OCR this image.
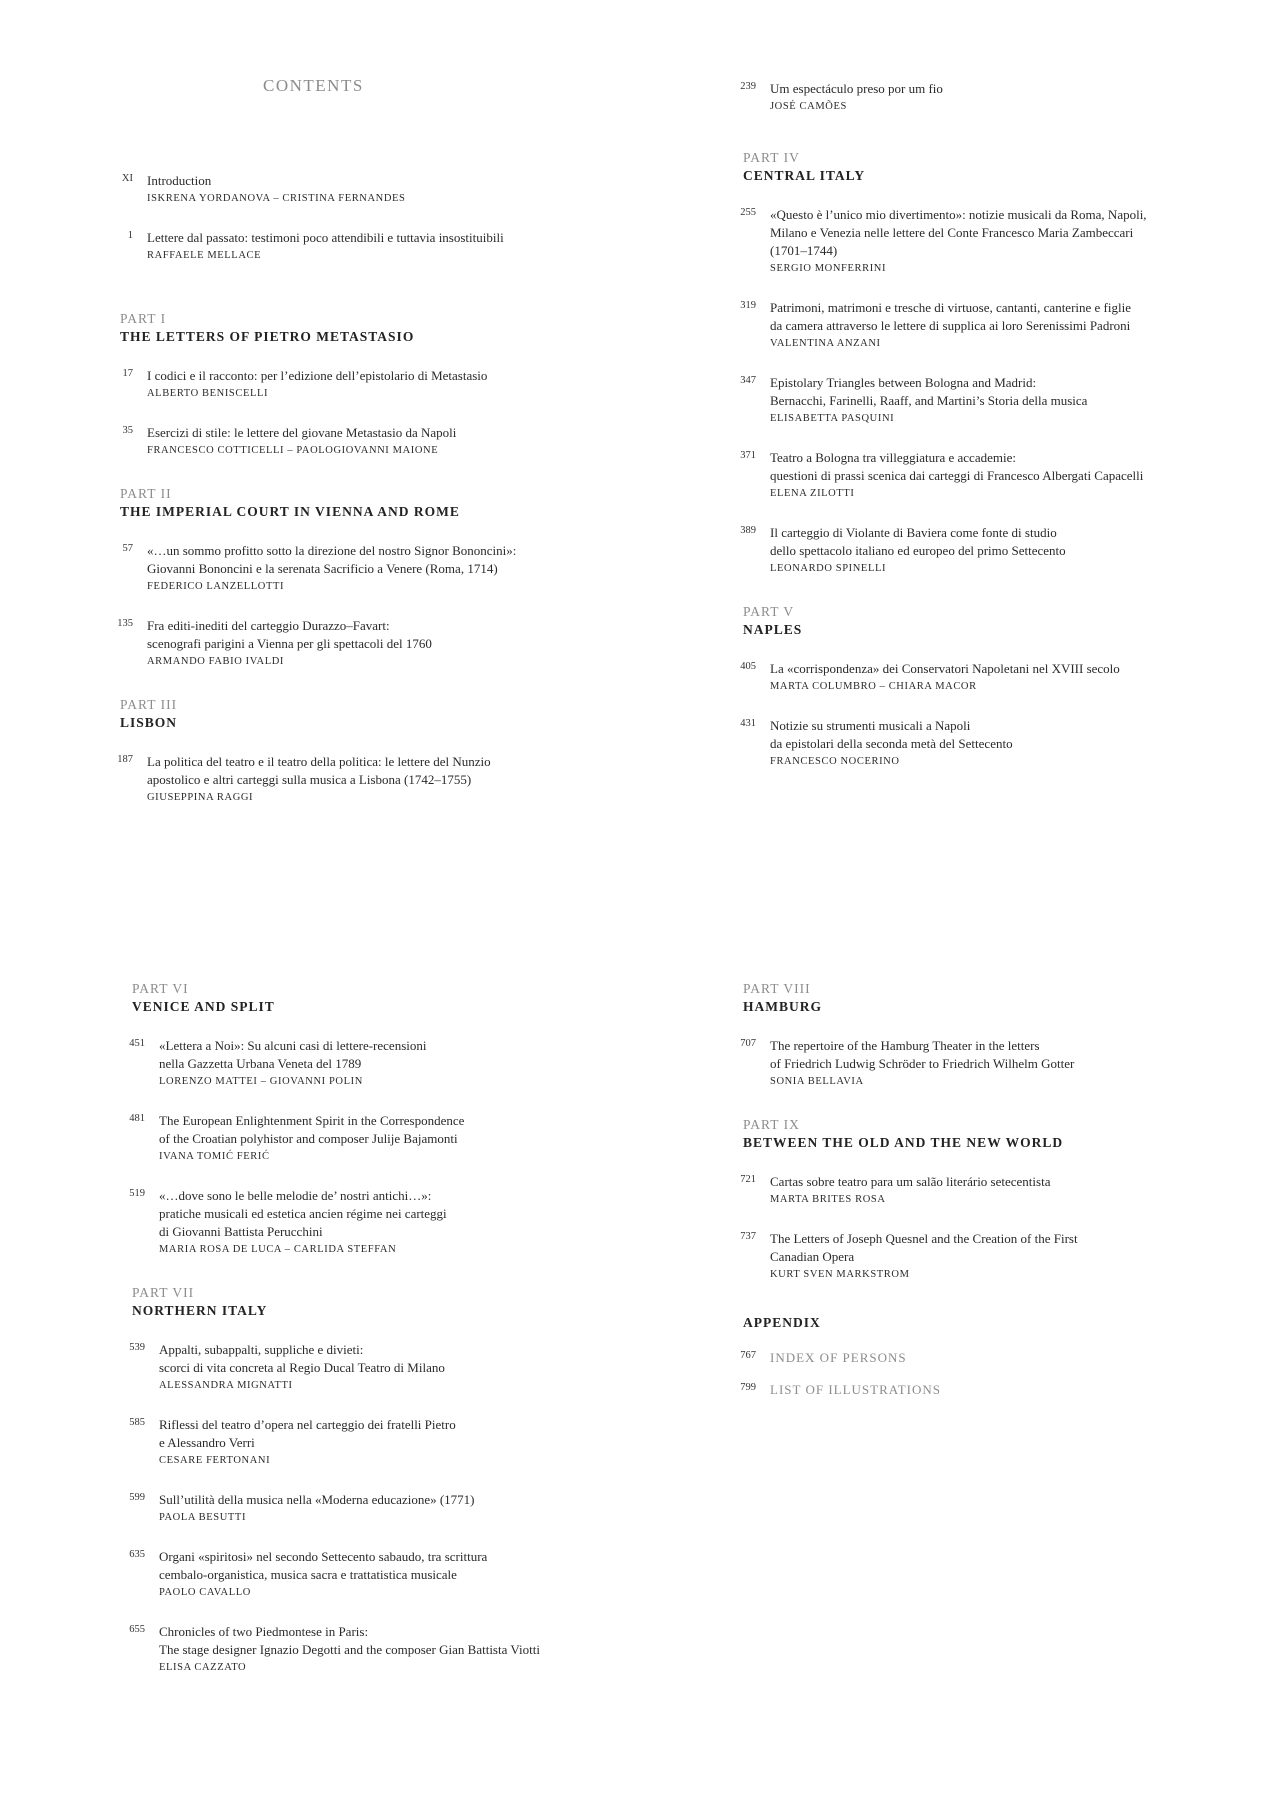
CONTENTS
XI Introduction
ISKRENA YORDANOVA – CRISTINA FERNANDES
1 Lettere dal passato: testimoni poco attendibili e tuttavia insostituibili
RAFFAELE MELLACE
PART I
THE LETTERS OF PIETRO METASTASIO
17 I codici e il racconto: per l’edizione dell’epistolario di Metastasio
ALBERTO BENISCELLI
35 Esercizi di stile: le lettere del giovane Metastasio da Napoli
FRANCESCO COTTICELLI – PAOLOGIOVANNI MAIONE
PART II
THE IMPERIAL COURT IN VIENNA AND ROME
57 «…un sommo profitto sotto la direzione del nostro Signor Bononcini»:
Giovanni Bononcini e la serenata Sacrificio a Venere (Roma, 1714)
FEDERICO LANZELLOTTI
135 Fra editi-inediti del carteggio Durazzo–Favart:
scenografi parigini a Vienna per gli spettacoli del 1760
ARMANDO FABIO IVALDI
PART III
LISBON
187 La politica del teatro e il teatro della politica: le lettere del Nunzio
apostolico e altri carteggi sulla musica a Lisbona (1742–1755)
GIUSEPPINA RAGGI
239 Um espectáculo preso por um fio
JOSÉ CAMÕES
PART IV
CENTRAL ITALY
255 «Questo è l’unico mio divertimento»: notizie musicali da Roma, Napoli,
Milano e Venezia nelle lettere del Conte Francesco Maria Zambeccari
(1701–1744)
SERGIO MONFERRINI
319 Patrimoni, matrimoni e tresche di virtuose, cantanti, canterine e figlie
da camera attraverso le lettere di supplica ai loro Serenissimi Padroni
VALENTINA ANZANI
347 Epistolary Triangles between Bologna and Madrid:
Bernacchi, Farinelli, Raaff, and Martini’s Storia della musica
ELISABETTA PASQUINI
371 Teatro a Bologna tra villeggiatura e accademie:
questioni di prassi scenica dai carteggi di Francesco Albergati Capacelli
ELENA ZILOTTI
389 Il carteggio di Violante di Baviera come fonte di studio
dello spettacolo italiano ed europeo del primo Settecento
LEONARDO SPINELLI
PART V
NAPLES
405 La «corrispondenza» dei Conservatori Napoletani nel XVIII secolo
MARTA COLUMBRO – CHIARA MACOR
431 Notizie su strumenti musicali a Napoli
da epistolari della seconda metà del Settecento
FRANCESCO NOCERINO
PART VI
VENICE AND SPLIT
451 «Lettera a Noi»: Su alcuni casi di lettere-recensioni
nella Gazzetta Urbana Veneta del 1789
LORENZO MATTEI – GIOVANNI POLIN
481 The European Enlightenment Spirit in the Correspondence
of the Croatian polyhistor and composer Julije Bajamonti
IVANA TOMIĆ FERIĆ
519 «…dove sono le belle melodie de’ nostri antichi…»:
pratiche musicali ed estetica ancien régime nei carteggi
di Giovanni Battista Perucchini
MARIA ROSA DE LUCA – CARLIDA STEFFAN
PART VII
NORTHERN ITALY
539 Appalti, subappalti, suppliche e divieti:
scorci di vita concreta al Regio Ducal Teatro di Milano
ALESSANDRA MIGNATTI
585 Riflessi del teatro d’opera nel carteggio dei fratelli Pietro
e Alessandro Verri
CESARE FERTONANI
599 Sull’utilità della musica nella «Moderna educazione» (1771)
PAOLA BESUTTI
635 Organi «spiritosi» nel secondo Settecento sabaudo, tra scrittura
cembalo-organistica, musica sacra e trattatistica musicale
PAOLO CAVALLO
655 Chronicles of two Piedmontese in Paris:
The stage designer Ignazio Degotti and the composer Gian Battista Viotti
ELISA CAZZATO
PART VIII
HAMBURG
707 The repertoire of the Hamburg Theater in the letters
of Friedrich Ludwig Schröder to Friedrich Wilhelm Gotter
SONIA BELLAVIA
PART IX
BETWEEN THE OLD AND THE NEW WORLD
721 Cartas sobre teatro para um salão literário setecentista
MARTA BRITES ROSA
737 The Letters of Joseph Quesnel and the Creation of the First
Canadian Opera
KURT SVEN MARKSTROM
APPENDIX
767 INDEX OF PERSONS
799 LIST OF ILLUSTRATIONS
